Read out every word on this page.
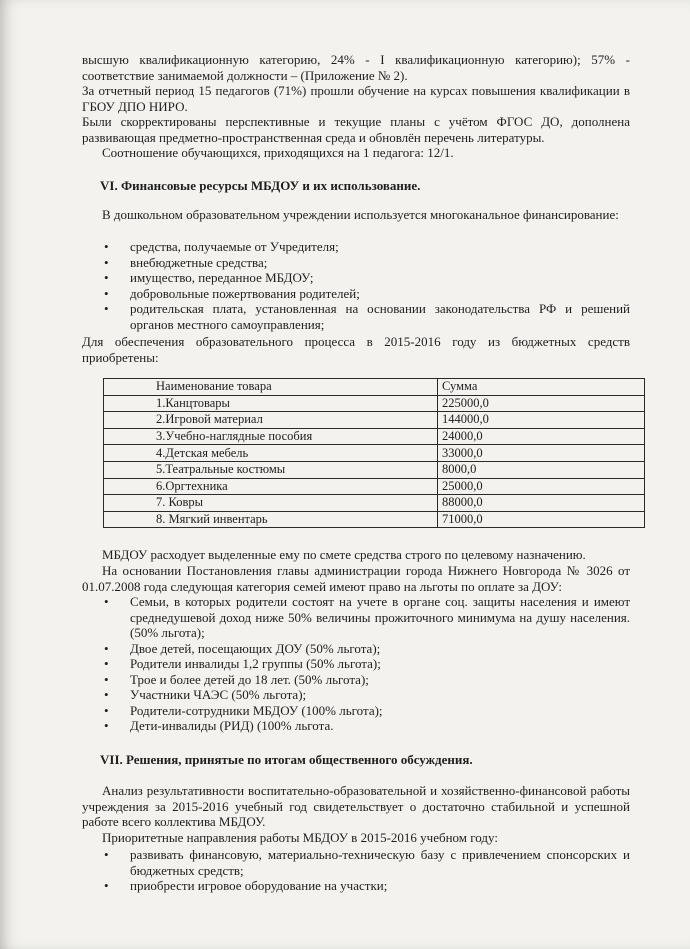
высшую квалификационную категорию, 24% - I квалификационную категорию); 57% - соответствие занимаемой должности – (Приложение № 2).

За отчетный период 15 педагогов (71%) прошли обучение на курсах повышения квалификации в ГБОУ ДПО НИРО.

Были скорректированы перспективные и текущие планы с учётом ФГОС ДО, дополнена развивающая предметно-пространственная среда и обновлён перечень литературы.

Соотношение обучающихся, приходящихся на 1 педагога: 12/1.

VI. Финансовые ресурсы МБДОУ и их использование.
В дошкольном образовательном учреждении используется многоканальное финансирование:
•	средства, получаемые от Учредителя;
•	внебюджетные средства;
•	имущество, переданное МБДОУ;
•	добровольные пожертвования родителей;
•	родительская плата, установленная на основании законодательства РФ и решений органов местного самоуправления;
Для обеспечения образовательного процесса в 2015-2016 году из бюджетных средств приобретены:
Наименование товара	Сумма
1.Канцтовары	225000,0
2.Игровой материал	144000,0
3.Учебно-наглядные пособия	24000,0
4.Детская мебель	33000,0
5.Театральные костюмы	8000,0
6.Оргтехника	25000,0
7. Ковры	88000,0
8. Мягкий инвентарь	71000,0
МБДОУ расходует выделенные ему по смете средства строго по целевому назначению.
На основании Постановления главы администрации города Нижнего Новгорода № 3026 от 01.07.2008 года следующая категория семей имеют право на льготы по оплате за ДОУ:
•	Семьи, в которых родители состоят на учете в органе соц. защиты населения и имеют среднедушевой доход ниже 50% величины прожиточного минимума на душу населения. (50% льгота);
•	Двое детей, посещающих ДОУ (50% льгота);
•	Родители инвалиды 1,2 группы (50% льгота);
•	Трое и более детей до 18 лет. (50% льгота);
•	Участники ЧАЭС (50% льгота);
•	Родители-сотрудники МБДОУ (100% льгота);
•	Дети-инвалиды (РИД) (100% льгота.
VII. Решения, принятые по итогам общественного обсуждения.
Анализ результативности воспитательно-образовательной и хозяйственно-финансовой работы учреждения за 2015-2016 учебный год свидетельствует о достаточно стабильной и успешной работе всего коллектива МБДОУ.
Приоритетные направления работы МБДОУ в 2015-2016 учебном году:
•	развивать финансовую, материально-техническую базу с привлечением спонсорских и бюджетных средств;
•	приобрести игровое оборудование на участки;
